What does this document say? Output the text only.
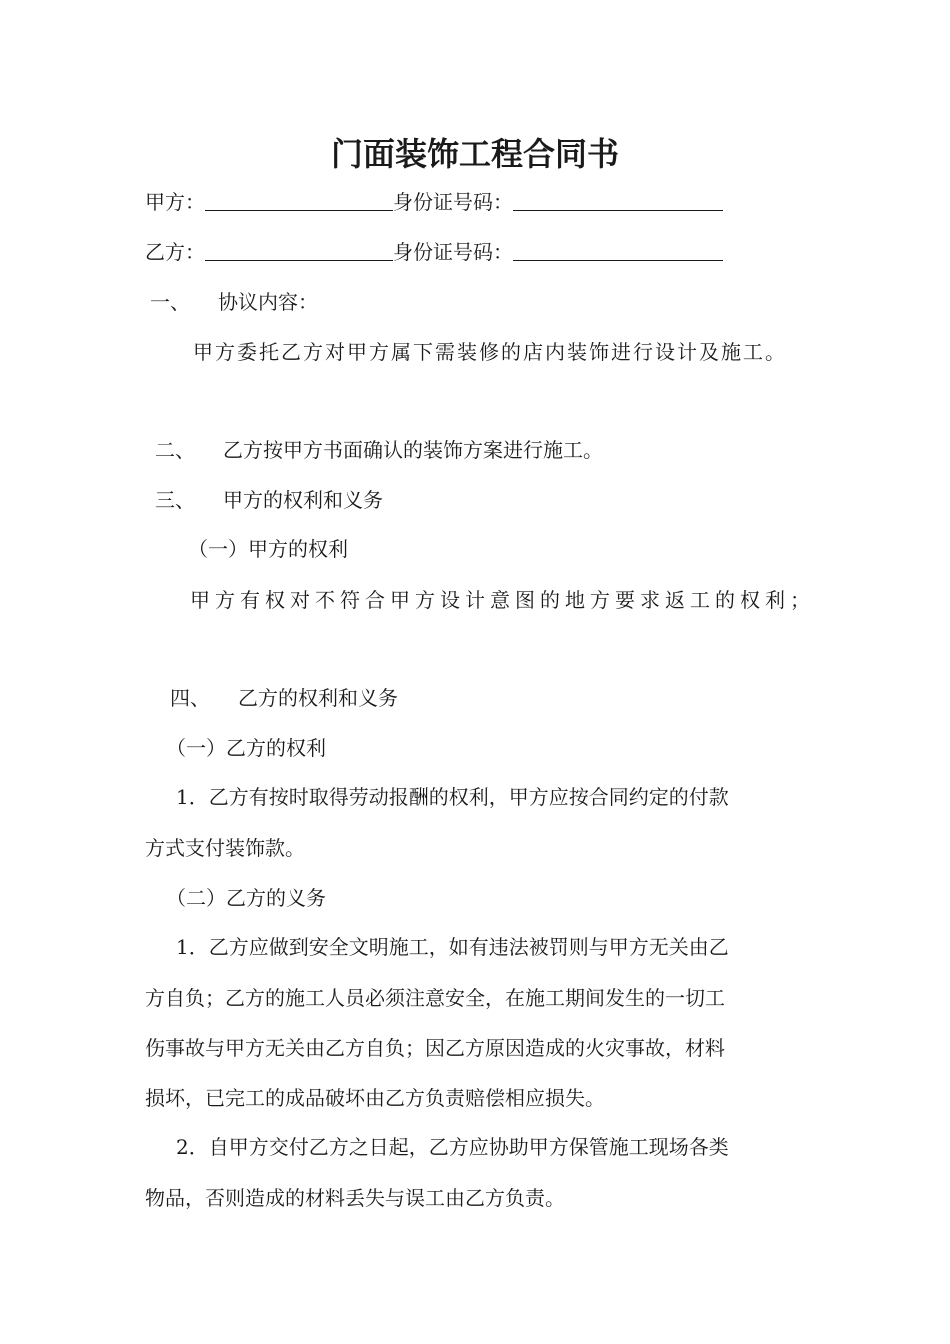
门面装饰工程合同书
甲方：	身份证号码：
乙方：	身份证号码：
一、 协议内容：
甲方委托乙方对甲方属下需装修的店内装饰进行设计及施工。
二、 乙方按甲方书面确认的装饰方案进行施工。
三、 甲方的权利和义务
（一）甲方的权利
甲方有权对不符合甲方设计意图的地方要求返工的权利；
四、 乙方的权利和义务
（一）乙方的权利
1．乙方有按时取得劳动报酬的权利，甲方应按合同约定的付款
方式支付装饰款。
（二）乙方的义务
1．乙方应做到安全文明施工，如有违法被罚则与甲方无关由乙
方自负；乙方的施工人员必须注意安全，在施工期间发生的一切工
伤事故与甲方无关由乙方自负；因乙方原因造成的火灾事故，材料
损坏，已完工的成品破坏由乙方负责赔偿相应损失。
2．自甲方交付乙方之日起，乙方应协助甲方保管施工现场各类
物品，否则造成的材料丢失与误工由乙方负责。
